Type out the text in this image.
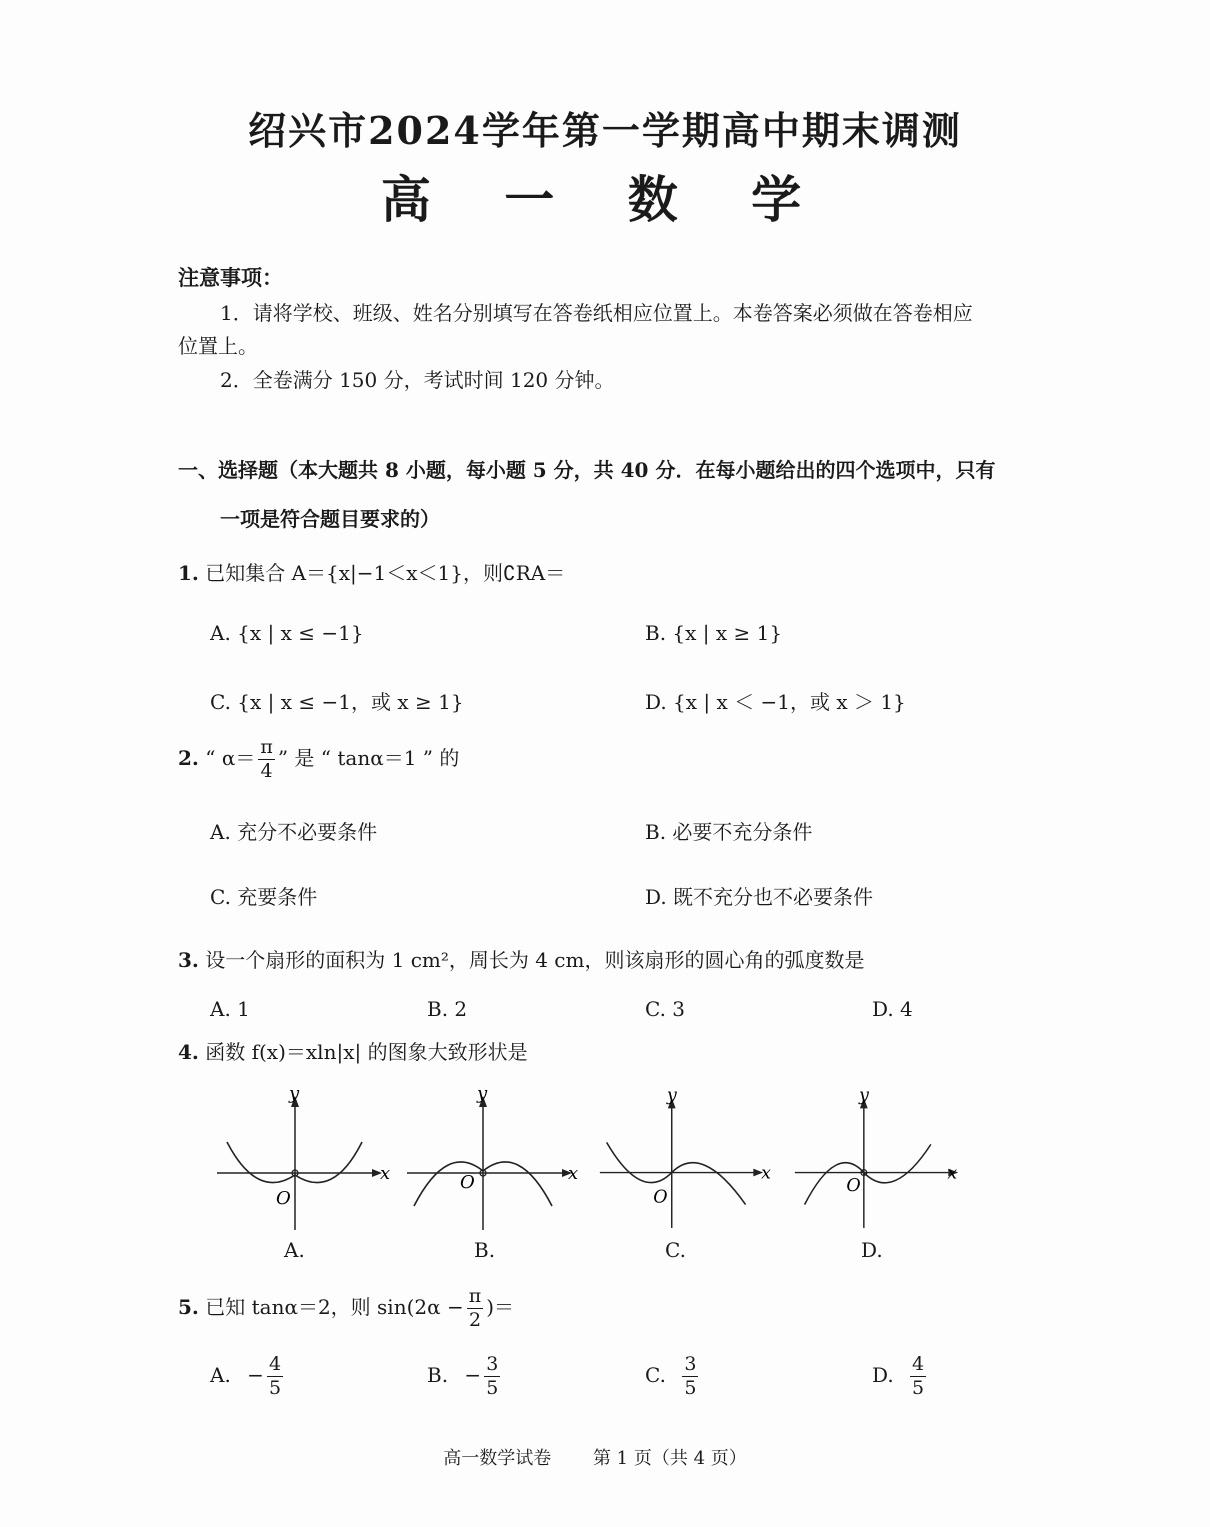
绍兴市2024学年第一学期高中期末调测
高 一 数 学
注意事项：
1．请将学校、班级、姓名分别填写在答卷纸相应位置上。本卷答案必须做在答卷相应
位置上。
2．全卷满分 150 分，考试时间 120 分钟。
一、选择题（本大题共 8 小题，每小题 5 分，共 40 分．在每小题给出的四个选项中，只有
一项是符合题目要求的）
1. 已知集合 A＝{x|−1＜x＜1}，则∁RA＝
A. {x | x ≤ −1}	B. {x | x ≥ 1}
C. {x | x ≤ −1，或 x ≥ 1}	D. {x | x ＜ −1，或 x ＞ 1}
2. “ $\alpha= \frac{\pi}{4}$ ” 是 “ tanα＝1 ” 的
A. 充分不必要条件	B. 必要不充分条件
C. 充要条件	D. 既不充分也不必要条件
3. 设一个扇形的面积为 1 cm²，周长为 4 cm，则该扇形的圆心角的弧度数是
A. 1	B. 2	C. 3	D. 4
4. 函数 f(x)＝xln|x| 的图象大致形状是
x
y
O
A.
x
y
O
B.
x
y
O
C.
x
y
O
D.
5. 已知 tanα＝2，则 $\sin(2\alpha - \frac{\pi}{2}$ )＝
A. − $\frac{4}{5}$	B. − $\frac{3}{5}$	C. $\frac{3}{5}$	D. $\frac{4}{5}$
高一数学试卷　　 第 1 页（共 4 页）
